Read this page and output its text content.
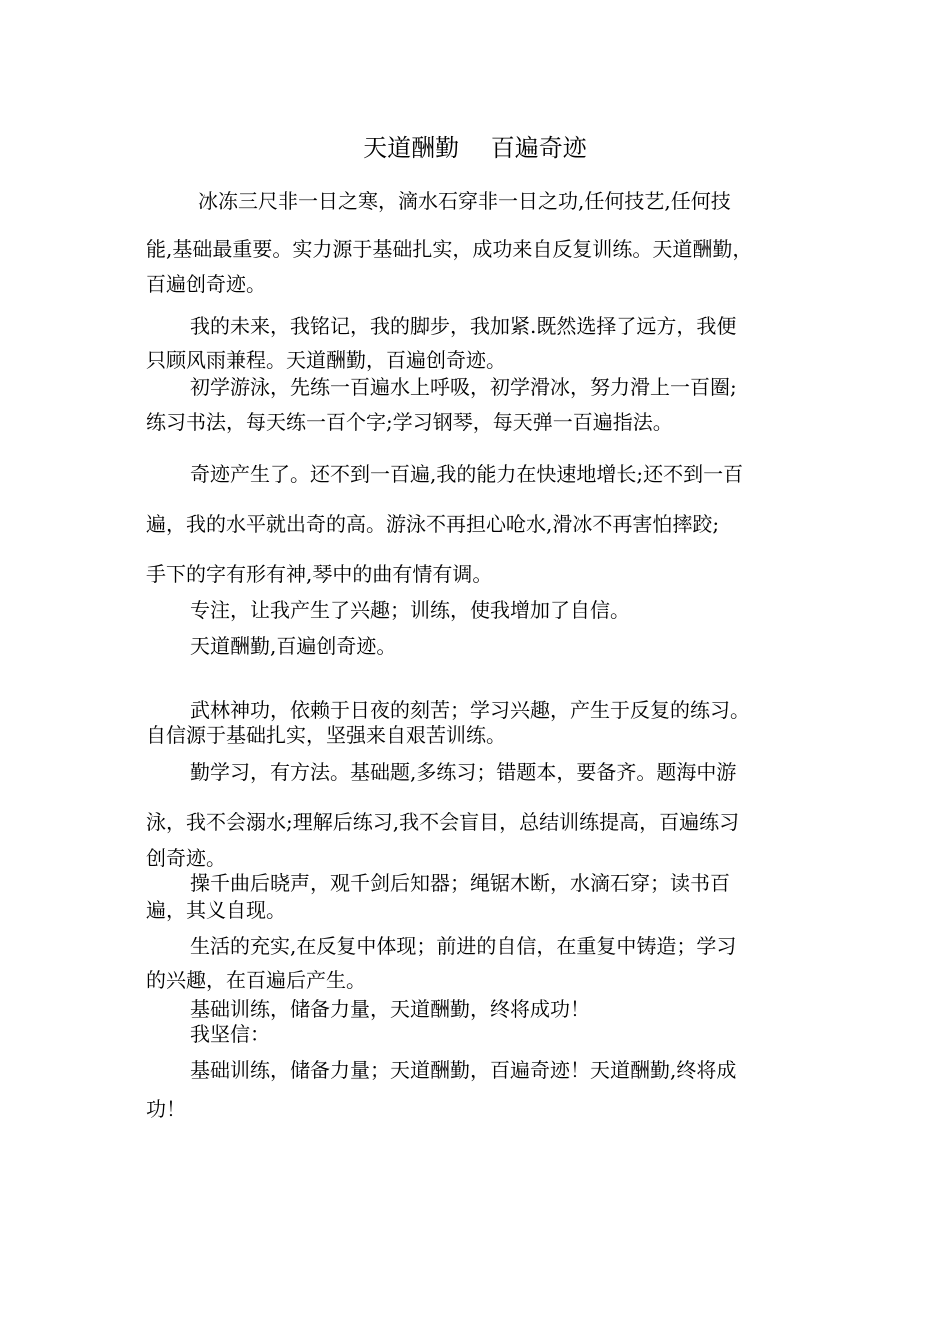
天道酬勤　 百遍奇迹
冰冻三尺非一日之寒，滴水石穿非一日之功,任何技艺,任何技
能,基础最重要。实力源于基础扎实，成功来自反复训练。天道酬勤，
百遍创奇迹。
我的未来，我铭记，我的脚步，我加紧.既然选择了远方，我便
只顾风雨兼程。天道酬勤，百遍创奇迹。
初学游泳，先练一百遍水上呼吸，初学滑冰，努力滑上一百圈;
练习书法，每天练一百个字;学习钢琴，每天弹一百遍指法。
奇迹产生了。还不到一百遍,我的能力在快速地增长;还不到一百
遍，我的水平就出奇的高。游泳不再担心呛水,滑冰不再害怕摔跤;
手下的字有形有神,琴中的曲有情有调。
专注，让我产生了兴趣；训练，使我增加了自信。
天道酬勤,百遍创奇迹。
武林神功，依赖于日夜的刻苦；学习兴趣，产生于反复的练习。
自信源于基础扎实，坚强来自艰苦训练。
勤学习，有方法。基础题,多练习；错题本，要备齐。题海中游
泳，我不会溺水;理解后练习,我不会盲目，总结训练提高，百遍练习
创奇迹。
操千曲后晓声，观千剑后知器；绳锯木断，水滴石穿；读书百
遍，其义自现。
生活的充实,在反复中体现；前进的自信，在重复中铸造；学习
的兴趣，在百遍后产生。
基础训练，储备力量，天道酬勤，终将成功！
我坚信：
基础训练，储备力量；天道酬勤，百遍奇迹！天道酬勤,终将成
功！
